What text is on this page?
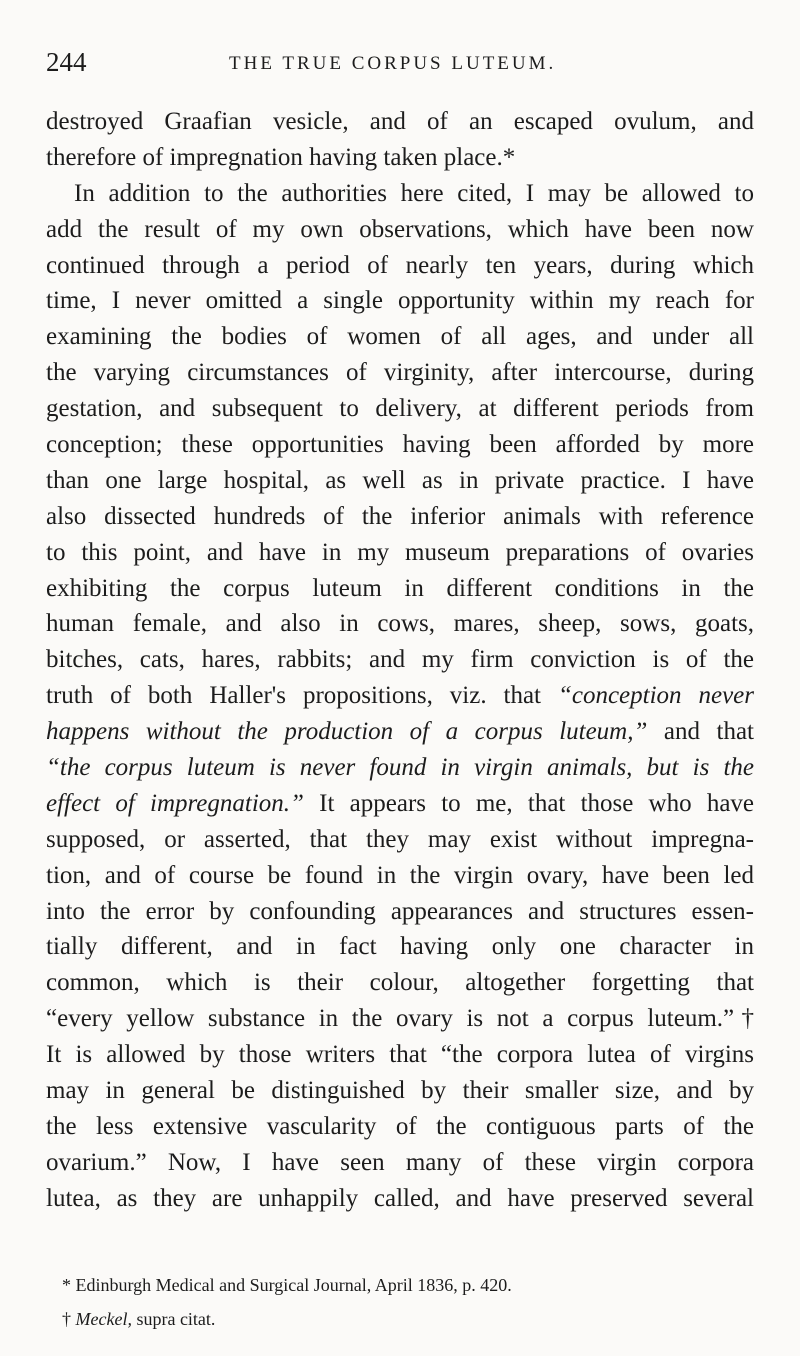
244	THE TRUE CORPUS LUTEUM.
destroyed Graafian vesicle, and of an escaped ovulum, and
therefore of impregnation having taken place.*
In addition to the authorities here cited, I may be allowed to
add the result of my own observations, which have been now
continued through a period of nearly ten years, during which
time, I never omitted a single opportunity within my reach for
examining the bodies of women of all ages, and under all
the varying circumstances of virginity, after intercourse, during
gestation, and subsequent to delivery, at different periods from
conception; these opportunities having been afforded by more
than one large hospital, as well as in private practice. I have
also dissected hundreds of the inferior animals with reference
to this point, and have in my museum preparations of ovaries
exhibiting the corpus luteum in different conditions in the
human female, and also in cows, mares, sheep, sows, goats,
bitches, cats, hares, rabbits; and my firm conviction is of the
truth of both Haller's propositions, viz. that “conception never
happens without the production of a corpus luteum,” and that
“the corpus luteum is never found in virgin animals, but is the
effect of impregnation.” It appears to me, that those who have
supposed, or asserted, that they may exist without impregna-
tion, and of course be found in the virgin ovary, have been led
into the error by confounding appearances and structures essen-
tially different, and in fact having only one character in
common, which is their colour, altogether forgetting that
“every yellow substance in the ovary is not a corpus luteum.”†
It is allowed by those writers that “the corpora lutea of virgins
may in general be distinguished by their smaller size, and by
the less extensive vascularity of the contiguous parts of the
ovarium.” Now, I have seen many of these virgin corpora
lutea, as they are unhappily called, and have preserved several
* Edinburgh Medical and Surgical Journal, April 1836, p. 420.
† Meckel, supra citat.
